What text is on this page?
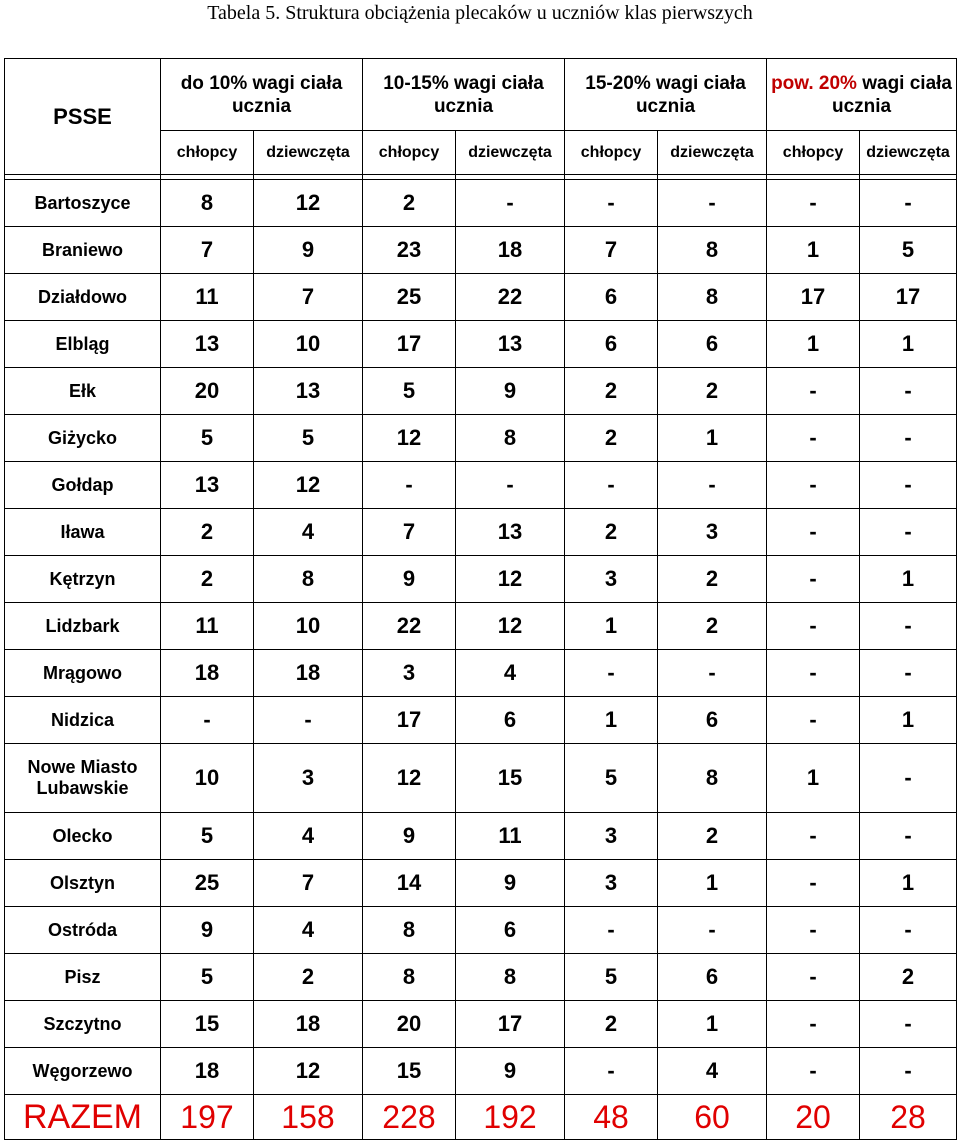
Tabela 5. Struktura obciążenia plecaków u uczniów klas pierwszych
PSSE	do 10% wagi ciała ucznia		10-15% wagi ciała ucznia		15-20% wagi ciała ucznia		pow. 20% wagi ciała ucznia	
	chłopcy	dziewczęta	chłopcy	dziewczęta	chłopcy	dziewczęta	chłopcy	dziewczęta

Bartoszyce	8	12	2	-	-	-	-	-
Braniewo	7	9	23	18	7	8	1	5
Działdowo	11	7	25	22	6	8	17	17
Elbląg	13	10	17	13	6	6	1	1
Ełk	20	13	5	9	2	2	-	-
Giżycko	5	5	12	8	2	1	-	-
Gołdap	13	12	-	-	-	-	-	-
Iława	2	4	7	13	2	3	-	-
Kętrzyn	2	8	9	12	3	2	-	1
Lidzbark	11	10	22	12	1	2	-	-
Mrągowo	18	18	3	4	-	-	-	-
Nidzica	-	-	17	6	1	6	-	1
Nowe Miasto Lubawskie	10	3	12	15	5	8	1	-
Olecko	5	4	9	11	3	2	-	-
Olsztyn	25	7	14	9	3	1	-	1
Ostróda	9	4	8	6	-	-	-	-
Pisz	5	2	8	8	5	6	-	2
Szczytno	15	18	20	17	2	1	-	-
Węgorzewo	18	12	15	9	-	4	-	-
RAZEM	197	158	228	192	48	60	20	28
